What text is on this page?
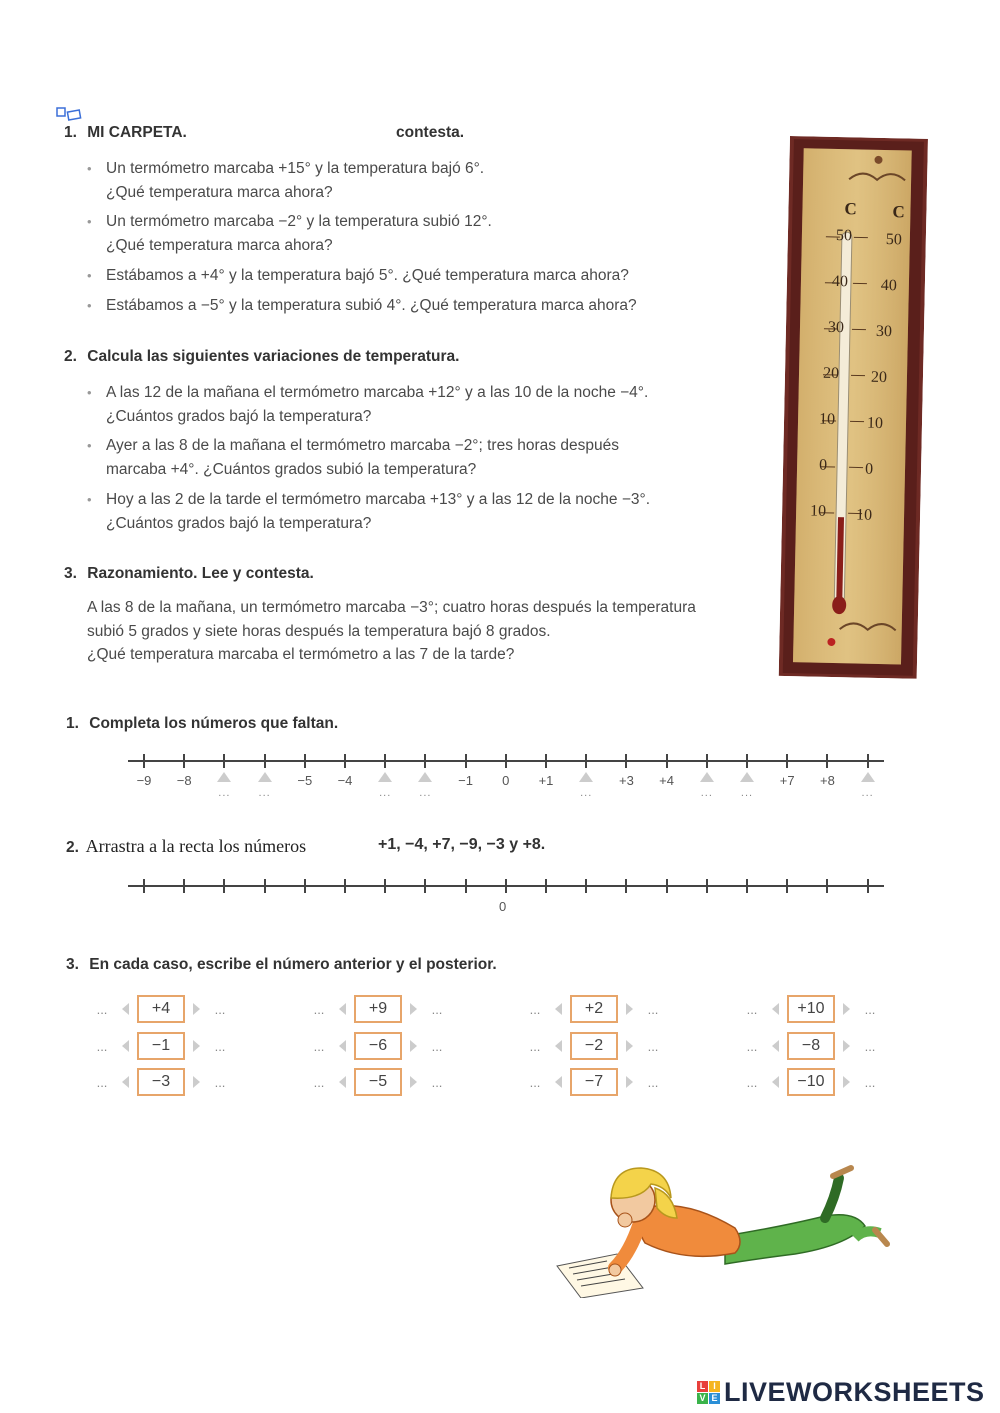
1. MI CARPETA.	contesta.
• Un termómetro marcaba +15° y la temperatura bajó 6°.
¿Qué temperatura marca ahora?
• Un termómetro marcaba −2° y la temperatura subió 12°.
¿Qué temperatura marca ahora?
• Estábamos a +4° y la temperatura bajó 5°. ¿Qué temperatura marca ahora?
• Estábamos a −5° y la temperatura subió 4°. ¿Qué temperatura marca ahora?
2. Calcula las siguientes variaciones de temperatura.
• A las 12 de la mañana el termómetro marcaba +12° y a las 10 de la noche −4°.
¿Cuántos grados bajó la temperatura?
• Ayer a las 8 de la mañana el termómetro marcaba −2°; tres horas después
marcaba +4°. ¿Cuántos grados subió la temperatura?
• Hoy a las 2 de la tarde el termómetro marcaba +13° y a las 12 de la noche −3°.
¿Cuántos grados bajó la temperatura?
3. Razonamiento. Lee y contesta.
A las 8 de la mañana, un termómetro marcaba −3°; cuatro horas después la temperatura
subió 5 grados y siete horas después la temperatura bajó 8 grados.
¿Qué temperatura marcaba el termómetro a las 7 de la tarde?
C C
50
40
30
20
10
0
10
50
40
30
20
10
0
10
1. Completa los números que faltan.
−9 −8
...	...
−5 −4
...	...
−1 0 +1
...
+3 +4
...	...
+7 +8
...
2. Arrastra a la recta los números	+1, −4, +7, −9, −3 y +8.
0
3. En cada caso, escribe el número anterior y el posterior.
...	+4	...
...	−1	...
...	−3	...
...	+9	...
...	−6	...
...	−5	...
...	+2	...
...	−2	...
...	−7	...
...	+10	...
...	−8	...
...	−10	...
L I
V E LIVEWORKSHEETS
